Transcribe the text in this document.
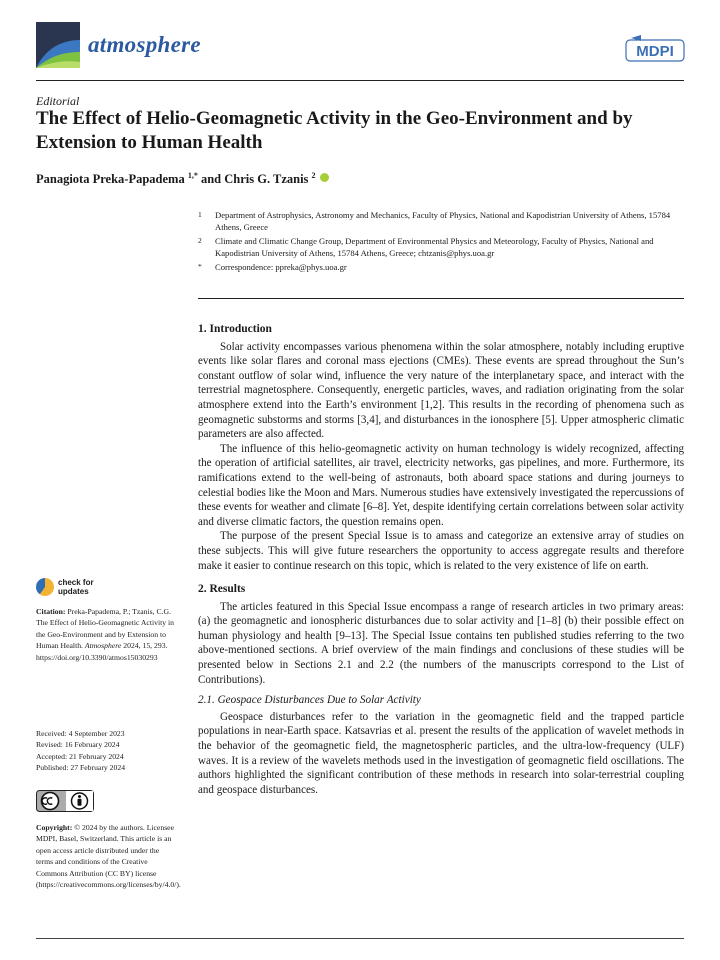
atmosphere	MDPI
Editorial
The Effect of Helio-Geomagnetic Activity in the Geo-Environment and by Extension to Human Health
Panagiota Preka-Papadema $^{1,*}$ and Chris G. Tzanis $^2$
1 Department of Astrophysics, Astronomy and Mechanics, Faculty of Physics, National and Kapodistrian University of Athens, 15784 Athens, Greece
2 Climate and Climatic Change Group, Department of Environmental Physics and Meteorology, Faculty of Physics, National and Kapodistrian University of Athens, 15784 Athens, Greece; chtzanis@phys.uoa.gr
* Correspondence: ppreka@phys.uoa.gr
1. Introduction

Solar activity encompasses various phenomena within the solar atmosphere, notably including eruptive events like solar flares and coronal mass ejections (CMEs). These events are spread throughout the Sun’s constant outflow of solar wind, influence the very nature of the interplanetary space, and interact with the terrestrial magnetosphere. Consequently, energetic particles, waves, and radiation originating from the solar atmosphere extend into the Earth’s environment [1,2]. This results in the recording of phenomena such as geomagnetic substorms and storms [3,4], and disturbances in the ionosphere [5]. Upper atmospheric climatic parameters are also affected.

The influence of this helio-geomagnetic activity on human technology is widely recognized, affecting the operation of artificial satellites, air travel, electricity networks, gas pipelines, and more. Furthermore, its ramifications extend to the well-being of astronauts, both aboard space stations and during journeys to celestial bodies like the Moon and Mars. Numerous studies have extensively investigated the repercussions of these events for weather and climate [6–8]. Yet, despite identifying certain correlations between solar activity and diverse climatic factors, the question remains open.

The purpose of the present Special Issue is to amass and categorize an extensive array of studies on these subjects. This will give future researchers the opportunity to access aggregate results and therefore make it easier to continue research on this topic, which is related to the very existence of life on earth.

2. Results

The articles featured in this Special Issue encompass a range of research articles in two primary areas: (a) the geomagnetic and ionospheric disturbances due to solar activity and [1–8] (b) their possible effect on human physiology and health [9–13]. The Special Issue contains ten published studies referring to the two above-mentioned sections. A brief overview of the main findings and conclusions of these studies will be presented below in Sections 2.1 and 2.2 (the numbers of the manuscripts correspond to the List of Contributions).

2.1. Geospace Disturbances Due to Solar Activity

Geospace disturbances refer to the variation in the geomagnetic field and the trapped particle populations in near-Earth space. Katsavrias et al. present the results of the application of wavelet methods in the behavior of the geomagnetic field, the magnetospheric particles, and the ultra-low-frequency (ULF) waves. It is a review of the wavelets methods used in the investigation of geomagnetic field oscillations. The authors highlighted the significant contribution of these methods in research into solar-terrestrial coupling and geospace disturbances.

check for
updates
Citation: Preka-Papadema, P.; Tzanis, C.G. The Effect of Helio-Geomagnetic Activity in the Geo-Environment and by Extension to Human Health. Atmosphere 2024, 15, 293. https://doi.org/10.3390/atmos15030293
Received: 4 September 2023
Revised: 16 February 2024
Accepted: 21 February 2024
Published: 27 February 2024
Copyright: © 2024 by the authors. Licensee MDPI, Basel, Switzerland. This article is an open access article distributed under the terms and conditions of the Creative Commons Attribution (CC BY) license (https://creativecommons.org/licenses/by/4.0/).
